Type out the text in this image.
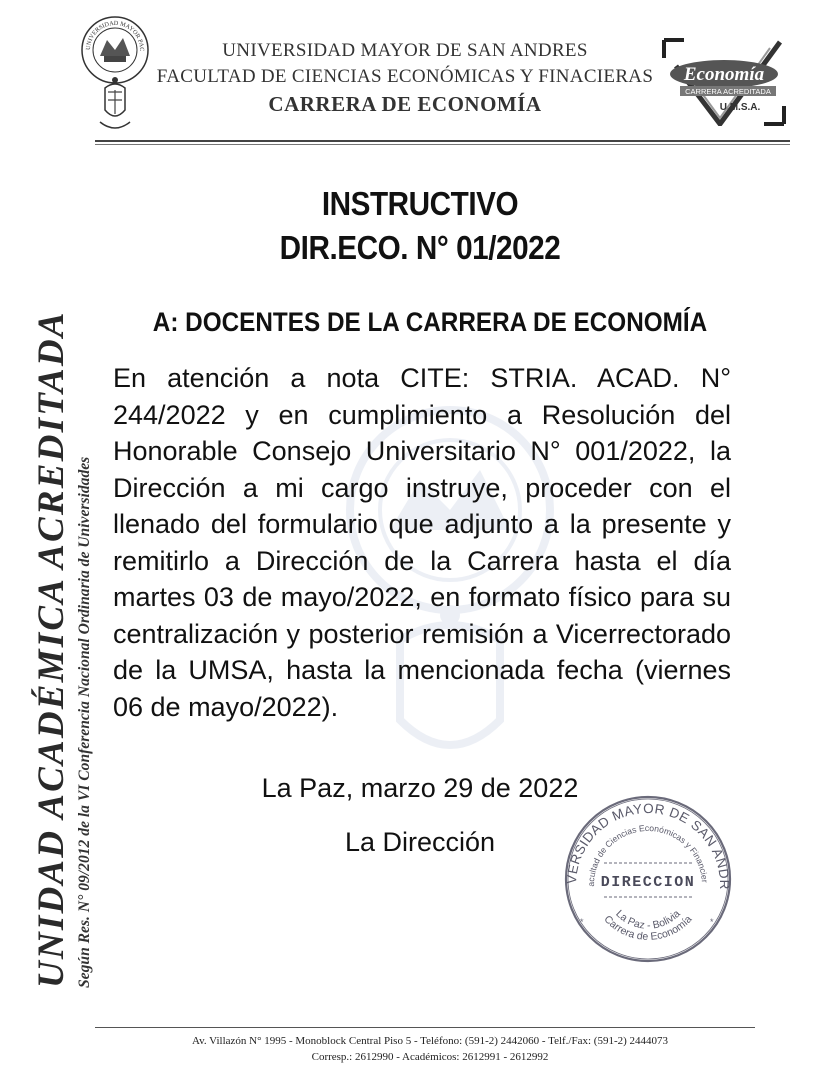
UNIVERSIDAD MAYOR PAC	UNIVERSIDAD MAYOR DE SAN ANDRES
FACULTAD DE CIENCIAS ECONÓMICAS Y FINACIERAS
CARRERA DE ECONOMÍA
Economía
CARRERA ACREDITADA
U.M.S.A.
UNIDAD ACADÉMICA ACREDITADA Según Res. N° 09/2012 de la VI Conferencia Nacional Ordinaria de Universidades
INSTRUCTIVO
DIR.ECO. N° 01/2022
A: DOCENTES DE LA CARRERA DE ECONOMÍA
En atención a nota CITE: STRIA. ACAD. N° 244/2022 y en cumplimiento a Resolución del Honorable Consejo Universitario N° 001/2022, la Dirección a mi cargo instruye, proceder con el llenado del formulario que adjunto a la presente y remitirlo a Dirección de la Carrera hasta el día martes 03 de mayo/2022, en formato físico para su centralización y posterior remisión a Vicerrectorado de la UMSA, hasta la mencionada fecha (viernes 06 de mayo/2022).
La Paz, marzo 29 de 2022
La Dirección
VERSIDAD MAYOR DE SAN ANDR
acultad de Ciencias Económicas y Financier
Carrera de Economía
La Paz - Bolivia
DIRECCION
*	*
Av. Villazón N° 1995 - Monoblock Central Piso 5 - Teléfono: (591-2) 2442060 - Telf./Fax: (591-2) 2444073
Corresp.: 2612990 - Académicos: 2612991 - 2612992
